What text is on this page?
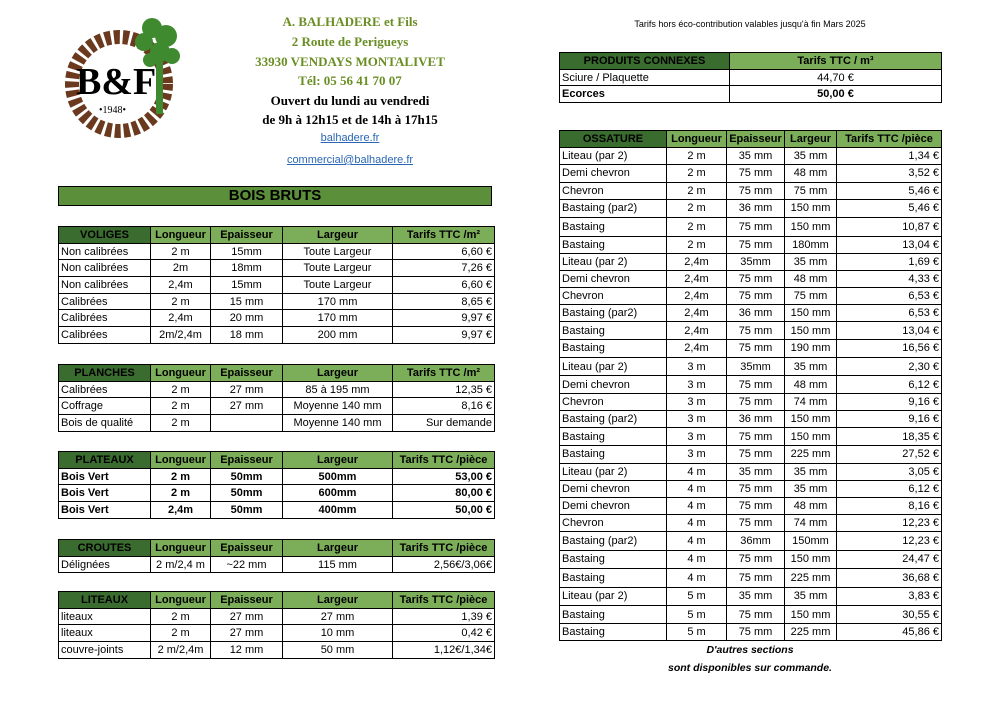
B&F
•1948•
A. BALHADERE et Fils
2 Route de Perigueys
33930 VENDAYS MONTALIVET
Tél: 05 56 41 70 07
Ouvert du lundi au vendredi
de 9h à 12h15 et de 14h à 17h15
balhadere.fr
commercial@balhadere.fr
Tarifs hors éco-contribution valables jusqu'à fin Mars 2025
BOIS BRUTS
PRODUITS CONNEXES	Tarifs TTC / m³
Sciure / Plaquette	44,70 €
Ecorces	50,00 €
VOLIGES	Longueur	Epaisseur	Largeur	Tarifs TTC /m²
Non calibrées	2 m	15mm	Toute Largeur	6,60 €
Non calibrées	2m	18mm	Toute Largeur	7,26 €
Non calibrées	2,4m	15mm	Toute Largeur	6,60 €
Calibrées	2 m	15 mm	170 mm	8,65 €
Calibrées	2,4m	20 mm	170 mm	9,97 €
Calibrées	2m/2,4m	18 mm	200 mm	9,97 €
PLANCHES	Longueur	Epaisseur	Largeur	Tarifs TTC /m²
Calibrées	2 m	27 mm	85 à 195 mm	12,35 €
Coffrage	2 m	27 mm	Moyenne 140 mm	8,16 €
Bois de qualité	2 m		Moyenne 140 mm	Sur demande
PLATEAUX	Longueur	Epaisseur	Largeur	Tarifs TTC /pièce
Bois Vert	2 m	50mm	500mm	53,00 €
Bois Vert	2 m	50mm	600mm	80,00 €
Bois Vert	2,4m	50mm	400mm	50,00 €
CROUTES	Longueur	Epaisseur	Largeur	Tarifs TTC /pièce
Délignées	2 m/2,4 m	~22 mm	115 mm	2,56€/3,06€
LITEAUX	Longueur	Epaisseur	Largeur	Tarifs TTC /pièce
liteaux	2 m	27 mm	27 mm	1,39 €
liteaux	2 m	27 mm	10 mm	0,42 €
couvre-joints	2 m/2,4m	12 mm	50 mm	1,12€/1,34€
OSSATURE	Longueur	Epaisseur	Largeur	Tarifs TTC /pièce
Liteau (par 2)	2 m	35 mm	35 mm	1,34 €
Demi chevron	2 m	75 mm	48 mm	3,52 €
Chevron	2 m	75 mm	75 mm	5,46 €
Bastaing (par2)	2 m	36 mm	150 mm	5,46 €
Bastaing	2 m	75 mm	150 mm	10,87 €
Bastaing	2 m	75 mm	180mm	13,04 €
Liteau (par 2)	2,4m	35mm	35 mm	1,69 €
Demi chevron	2,4m	75 mm	48 mm	4,33 €
Chevron	2,4m	75 mm	75 mm	6,53 €
Bastaing (par2)	2,4m	36 mm	150 mm	6,53 €
Bastaing	2,4m	75 mm	150 mm	13,04 €
Bastaing	2,4m	75 mm	190 mm	16,56 €
Liteau (par 2)	3 m	35mm	35 mm	2,30 €
Demi chevron	3 m	75 mm	48 mm	6,12 €
Chevron	3 m	75 mm	74 mm	9,16 €
Bastaing (par2)	3 m	36 mm	150 mm	9,16 €
Bastaing	3 m	75 mm	150 mm	18,35 €
Bastaing	3 m	75 mm	225 mm	27,52 €
Liteau (par 2)	4 m	35 mm	35 mm	3,05 €
Demi chevron	4 m	75 mm	35 mm	6,12 €
Demi chevron	4 m	75 mm	48 mm	8,16 €
Chevron	4 m	75 mm	74 mm	12,23 €
Bastaing (par2)	4 m	36mm	150mm	12,23 €
Bastaing	4 m	75 mm	150 mm	24,47 €
Bastaing	4 m	75 mm	225 mm	36,68 €
Liteau (par 2)	5 m	35 mm	35 mm	3,83 €
Bastaing	5 m	75 mm	150 mm	30,55 €
Bastaing	5 m	75 mm	225 mm	45,86 €
D'autres sections
sont disponibles sur commande.
